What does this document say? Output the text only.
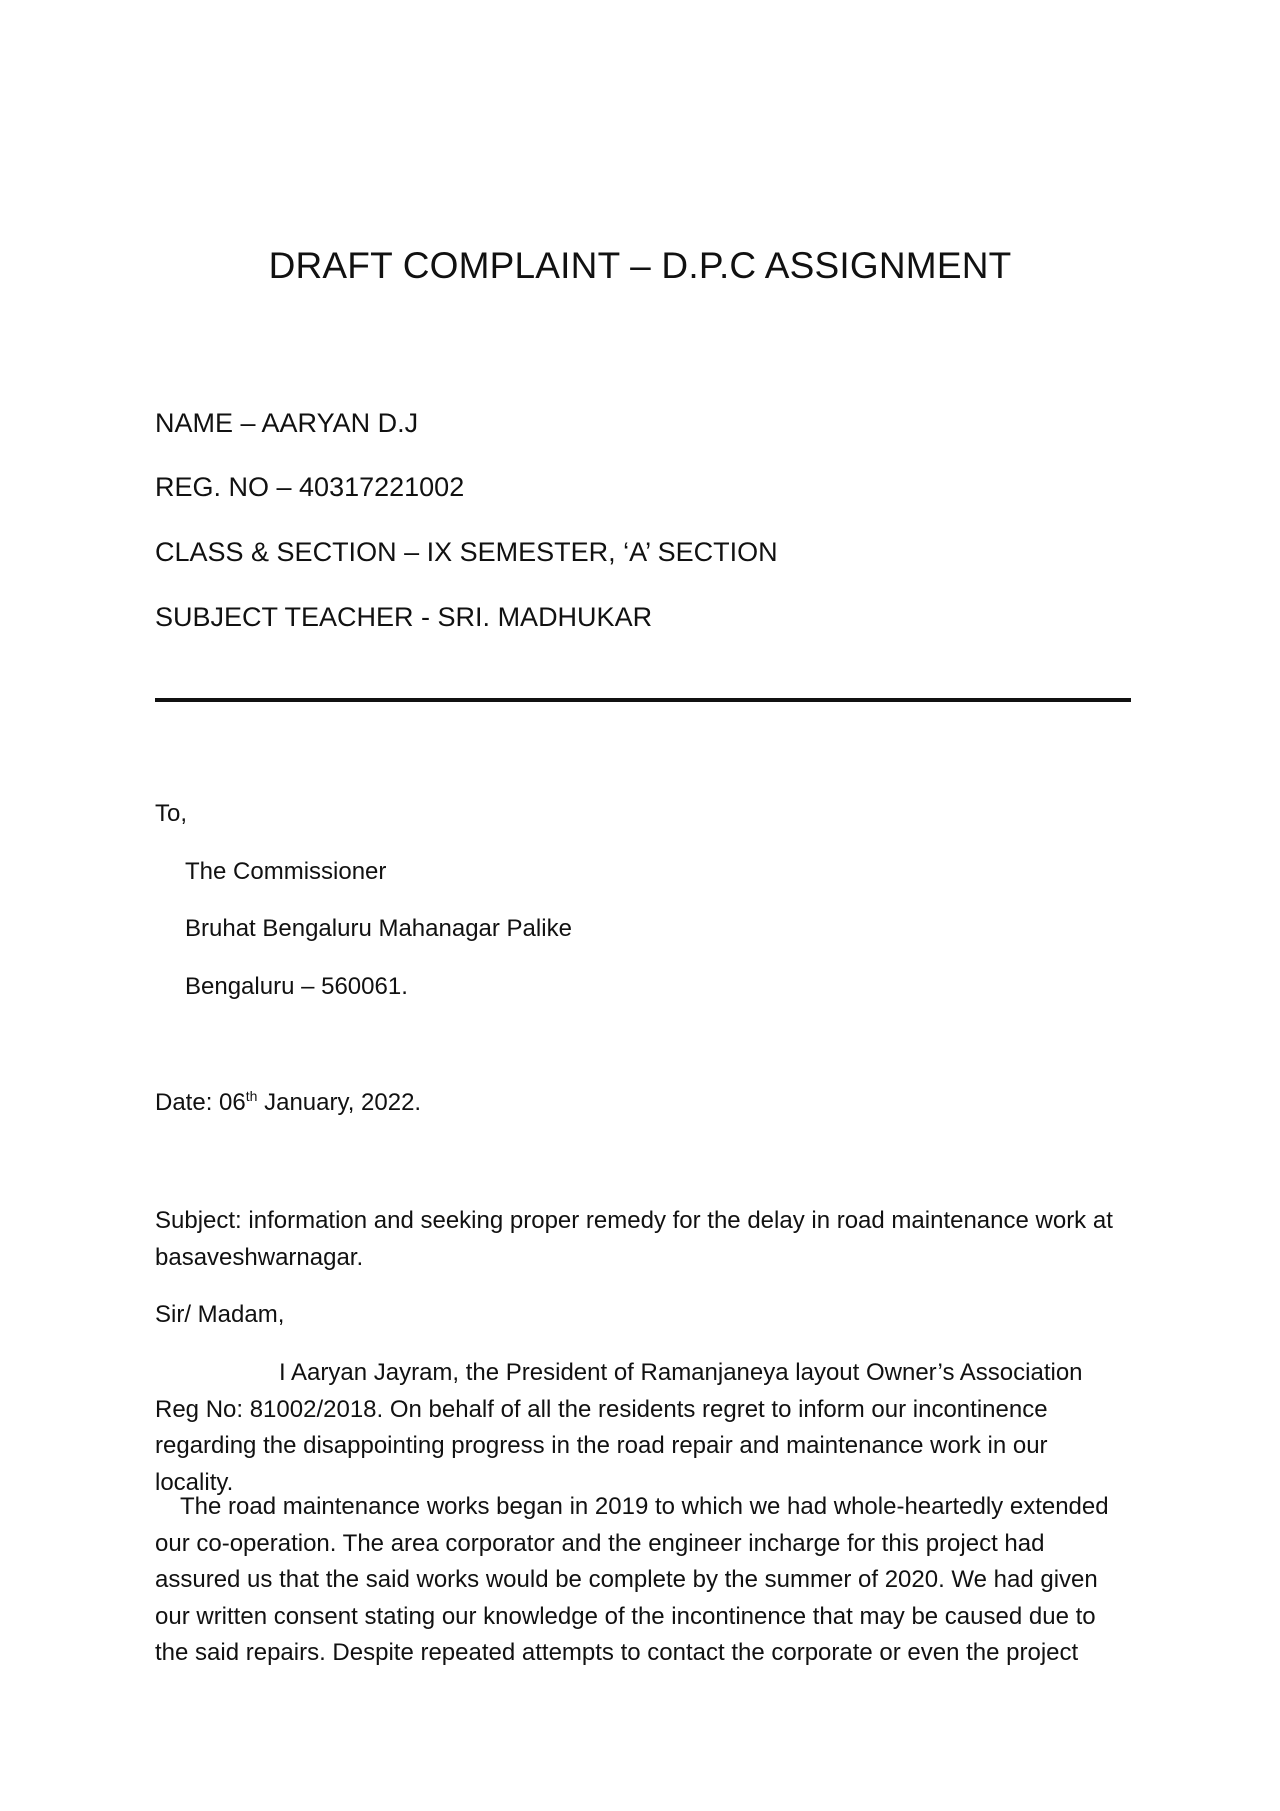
DRAFT COMPLAINT – D.P.C ASSIGNMENT
NAME – AARYAN D.J
REG. NO – 40317221002
CLASS & SECTION – IX SEMESTER, ‘A’ SECTION
SUBJECT TEACHER - SRI. MADHUKAR
To,
The Commissioner
Bruhat Bengaluru Mahanagar Palike
Bengaluru – 560061.
Date: 06th January, 2022.

Subject: information and seeking proper remedy for the delay in road maintenance work at basaveshwarnagar.

Sir/ Madam,

I Aaryan Jayram, the President of Ramanjaneya layout Owner’s Association Reg No: 81002/2018. On behalf of all the residents regret to inform our incontinence regarding the disappointing progress in the road repair and maintenance work in our locality.

The road maintenance works began in 2019 to which we had whole-heartedly extended our co-operation. The area corporator and the engineer incharge for this project had assured us that the said works would be complete by the summer of 2020. We had given our written consent stating our knowledge of the incontinence that may be caused due to the said repairs. Despite repeated attempts to contact the corporate or even the project
